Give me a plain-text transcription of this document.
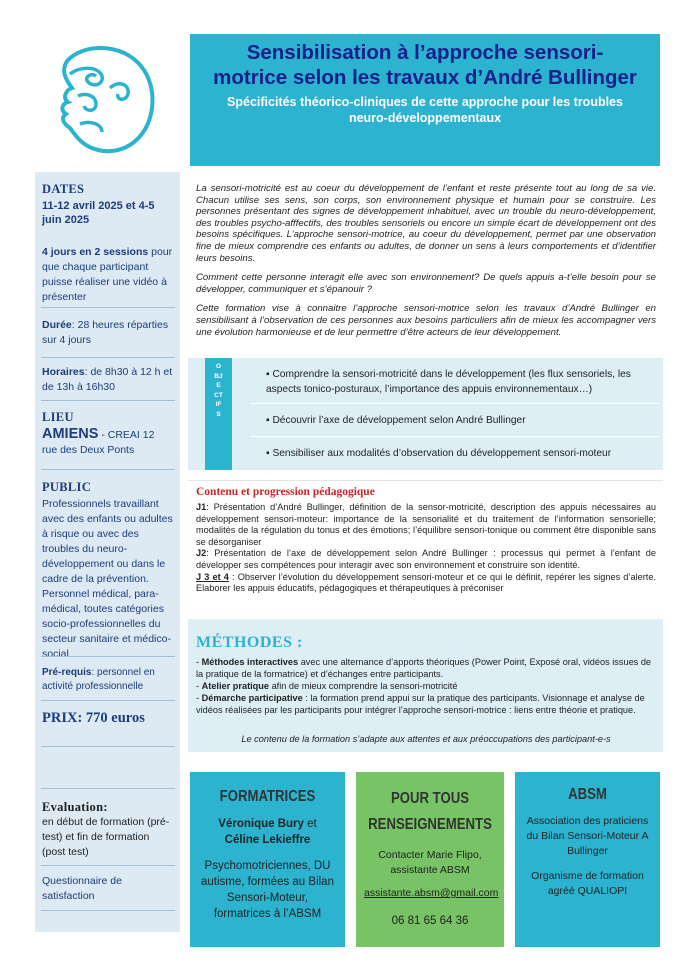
Sensibilisation à l’approche sensori-motrice selon les travaux d’André Bullinger
Spécificités théorico-cliniques de cette approche pour les troubles neuro-développementaux
DATES
11-12 avril 2025 et 4-5 juin 2025
4 jours en 2 sessions pour que chaque participant puisse réaliser une vidéo à présenter
Durée: 28 heures réparties sur 4 jours
Horaires: de 8h30 à 12 h et de 13h à 16h30
LIEU
AMIENS - CREAI 12
rue des Deux Ponts
PUBLIC
Professionnels travaillant avec des enfants ou adultes à risque ou avec des troubles du neuro-développement ou dans le cadre de la prévention. Personnel médical, para-médical, toutes catégories socio-professionnelles du secteur sanitaire et médico-social
Pré-requis: personnel en activité professionnelle
PRIX: 770 euros
Evaluation:
en début de formation (pré-test) et fin de formation (post test)
Questionnaire de satisfaction

La sensori-motricité est au coeur du développement de l’enfant et reste présente tout au long de sa vie. Chacun utilise ses sens, son corps, son environnement physique et humain pour se construire. Les personnes présentant des signes de développement inhabituel, avec un trouble du neuro-développement, des troubles psycho-afffectifs, des troubles sensoriels ou encore un simple écart de développement ont des besoins spécifiques. L’approche sensori-motrice, au coeur du développement, permet par une observation fine de mieux comprendre ces enfants ou adultes, de donner un sens à leurs comportements et d’identifier leurs besoins.

Comment cette personne interagit elle avec son environnement? De quels appuis a-t’elle besoin pour se développer, communiquer et s’épanouir ?

Cette formation vise à connaitre l’approche sensori-motrice selon les travaux d’André Bullinger en sensibilisant à l’observation de ces personnes aux besoins particuliers afin de mieux les accompagner vers une évolution harmonieuse et de leur permettre d’être acteurs de leur développement.

OBJECTIFS
▪ Comprendre la sensori-motricité dans le développement (les flux sensoriels, les aspects tonico-posturaux, l’importance des appuis environnementaux…)
▪ Découvrir l’axe de développement selon André Bullinger
▪ Sensibiliser aux modalités d’observation du développement sensori-moteur
Contenu et progression pédagogique

J1: Présentation d’André Bullinger, définition de la sensor-motricité, description des appuis nécessaires au développement sensori-moteur: importance de la sensorialité et du traitement de l’information sensorielle; modalités de la régulation du tonus et des émotions; l’équilibre sensori-tonique ou comment être disponible sans se désorganiser

J2: Présentation de l’axe de développement selon André Bullinger : processus qui permet à l’enfant de développer ses compétences pour interagir avec son environnement et construire son identité.

J 3 et 4 : Observer l’évolution du développement sensori-moteur et ce qui le définit, repérer les signes d’alerte. Elaborer les appuis éducatifs, pédagogiques et thérapeutiques à préconiser

MÉTHODES :
- Méthodes interactives avec une alternance d’apports théoriques (Power Point, Exposé oral, vidéos issues de la pratique de la formatrice) et d’échanges entre participants.
- Atelier pratique afin de mieux comprendre la sensori-motricité
- Démarche participative : la formation prend appui sur la pratique des participants. Visionnage et analyse de vidéos réalisées par les participants pour intégrer l’approche sensori-motrice : liens entre théorie et pratique.
Le contenu de la formation s’adapte aux attentes et aux préoccupations des participant-e-s
FORMATRICES
Véronique Bury et
Céline Lekieffre
Psychomotriciennes, DU autisme, formées au Bilan Sensori-Moteur, formatrices à l’ABSM
POUR TOUS RENSEIGNEMENTS
Contacter Marie Flipo, assistante ABSM
assistante.absm@gmail.com
06 81 65 64 36
ABSM
Association des praticiens du Bilan Sensori-Moteur A Bullinger
Organisme de formation agréé QUALIOPI
